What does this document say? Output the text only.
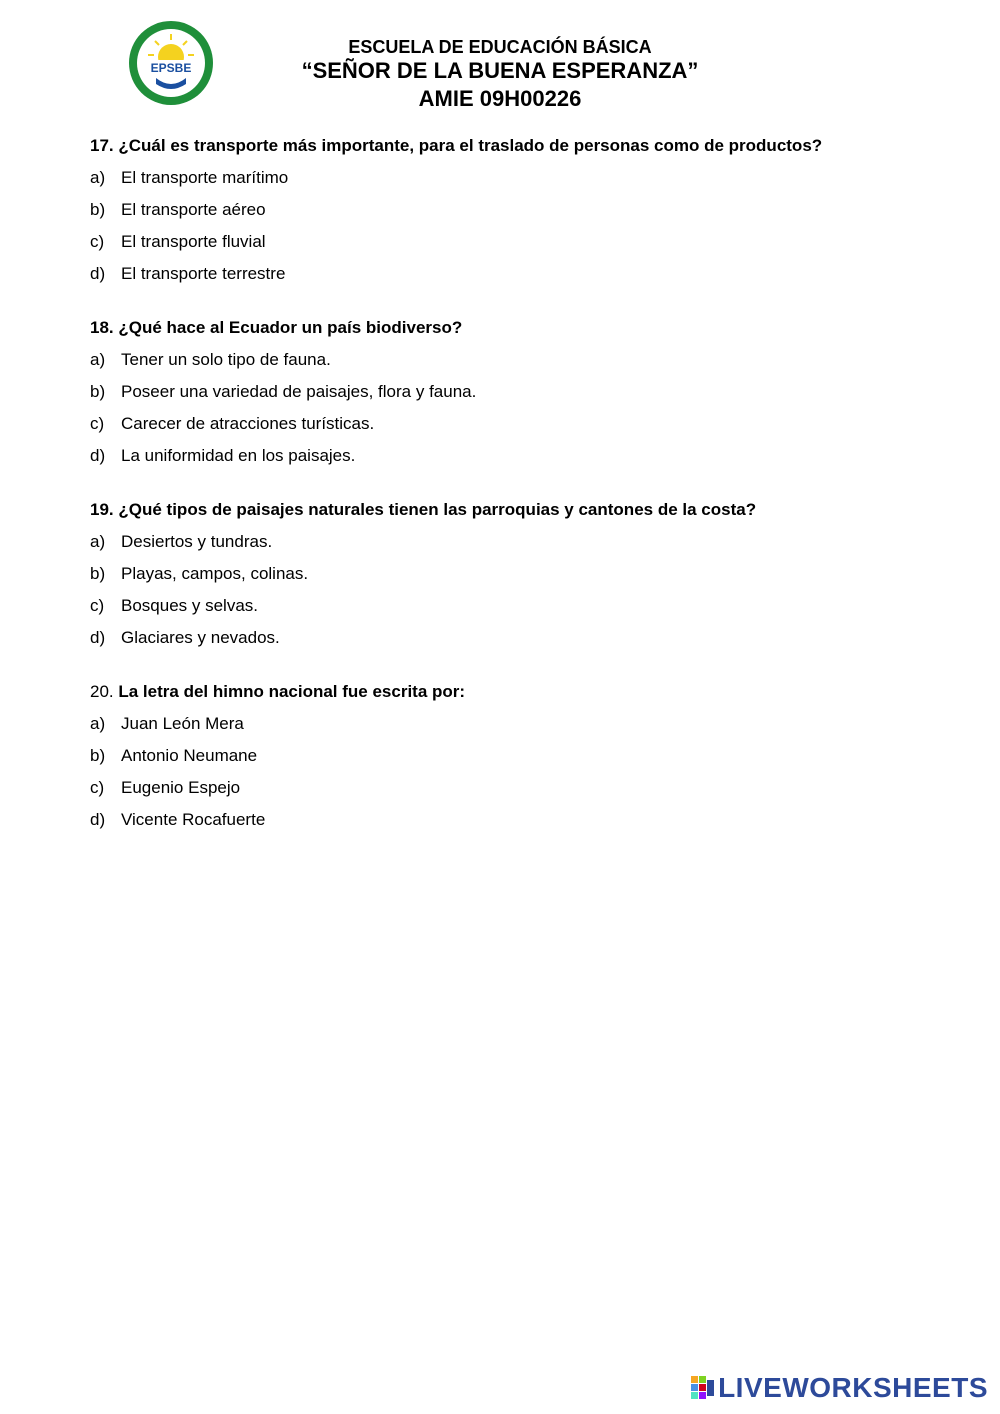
EPSBE
ESCUELA DE EDUCACIÓN BÁSICA
“SEÑOR DE LA BUENA ESPERANZA”
AMIE 09H00226
17. ¿Cuál es transporte más importante, para el traslado de personas como de productos?
a) El transporte marítimo
b) El transporte aéreo
c) El transporte fluvial
d) El transporte terrestre
18. ¿Qué hace al Ecuador un país biodiverso?
a) Tener un solo tipo de fauna.
b) Poseer una variedad de paisajes, flora y fauna.
c) Carecer de atracciones turísticas.
d) La uniformidad en los paisajes.
19. ¿Qué tipos de paisajes naturales tienen las parroquias y cantones de la costa?
a) Desiertos y tundras.
b) Playas, campos, colinas.
c) Bosques y selvas.
d) Glaciares y nevados.
20. La letra del himno nacional fue escrita por:
a) Juan León Mera
b) Antonio Neumane
c) Eugenio Espejo
d) Vicente Rocafuerte
LIVEWORKSHEETS
